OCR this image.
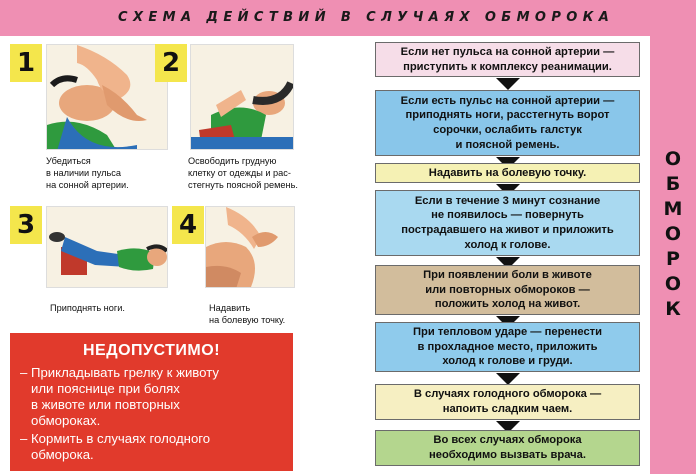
СХЕМА ДЕЙСТВИЙ В СЛУЧАЯХ ОБМОРОКА
О
Б
М
О
Р
О
К
1
Убедиться
в наличии пульса
на сонной артерии.
2
Освободить грудную
клетку от одежды и рас-
стегнуть поясной ремень.
3
Приподнять ноги.
4
Надавить
на болевую точку.
НЕДОПУСТИМО!
– Прикладывать грелку к животу
или пояснице при болях
в животе или повторных
обмороках.
– Кормить в случаях голодного
обморока.
Если нет пульса на сонной артерии —
приступить к комплексу реанимации.
Если есть пульс на сонной артерии —
приподнять ноги, расстегнуть ворот
сорочки, ослабить галстук
и поясной ремень.
Надавить на болевую точку.
Если в течение 3 минут сознание
не появилось — повернуть
пострадавшего на живот и приложить
холод к голове.
При появлении боли в животе
или повторных обмороков —
положить холод на живот.
При тепловом ударе — перенести
в прохладное место, приложить
холод к голове и груди.
В случаях голодного обморока —
напоить сладким чаем.
Во всех случаях обморока
необходимо вызвать врача.
